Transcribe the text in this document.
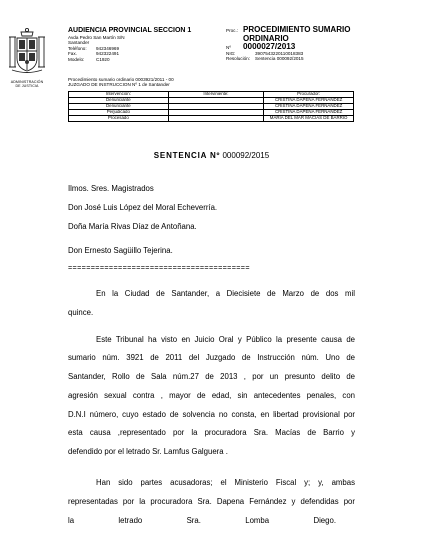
ADMINISTRACIÓN
DE JUSTICIA
AUDIENCIA PROVINCIAL SECCION 1
Avda Pedro San Martín S/N
Santander
Teléfono:	942346969
Fax.	942322491
Modelo:	C1920
Proc.: PROCEDIMIENTO SUMARIO ORDINARIO
Nº	0000027/2013
NIG:	3907543220110018383
Resolución:	Sentencia 000092/2015
Procedimiento sumario ordinario 0003921/2011 - 00
JUZGADO DE INSTRUCCION Nº 1 de Santander
Intervención:	Interviniente:	Procurador:
Denunciante		CRISTINA DAPENA FERNANDEZ
Denunciante		CRISTINA DAPENA FERNANDEZ
Perjudicado		CRISTINA DAPENA FERNANDEZ
Procesado		MARIA DEL MAR MACIAS DE BARRIO
SENTENCIA Nº 000092/2015
Ilmos. Sres. Magistrados
Don José Luis López del Moral Echeverría.
Doña María Rivas Díaz de Antoñana.
Don Ernesto Sagüillo Tejerina.
========================================
En la Ciudad de Santander, a Diecisiete de Marzo de dos mil
quince.
Este Tribunal ha visto en Juicio Oral y Público la presente causa de
sumario núm. 3921 de 2011 del Juzgado de Instrucción núm. Uno de
Santander, Rollo de Sala núm.27 de 2013 , por un presunto delito de
agresión sexual contra , mayor de edad, sin antecedentes penales, con
D.N.I número, cuyo estado de solvencia no consta, en libertad provisional por
esta causa ,representado por la procuradora Sra. Macías de Barrio y
defendido por el letrado Sr. Lamfus Galguera .
Han sido partes acusadoras; el Ministerio Fiscal y; y, ambas
representadas por la procuradora Sra. Dapena Fernández y defendidas por
la letrado Sra. Lomba Diego.
